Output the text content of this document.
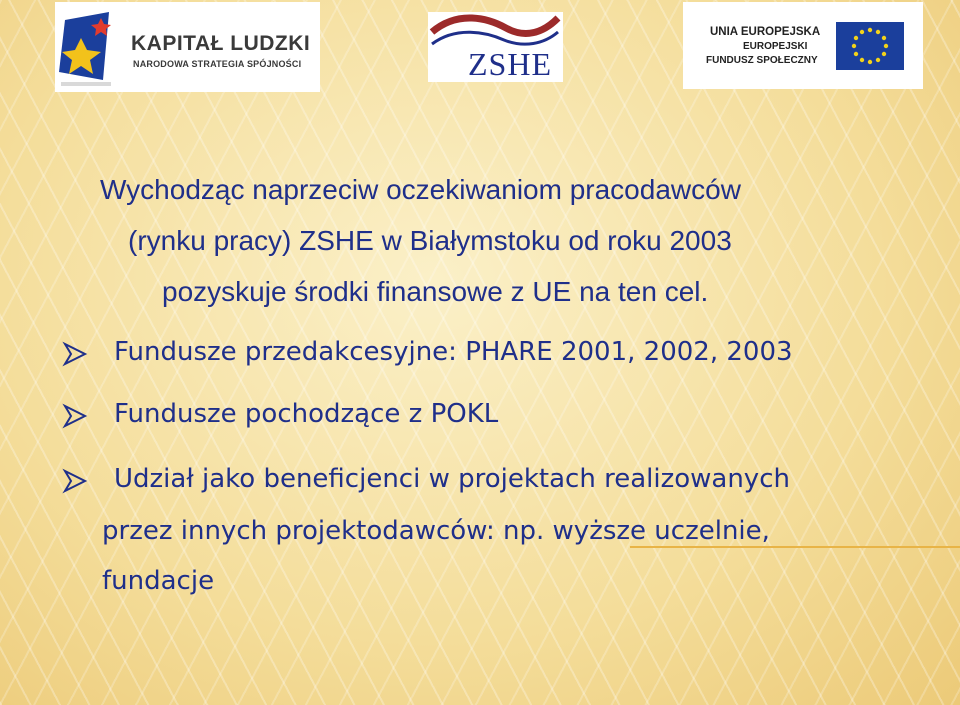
KAPITAŁ LUDZKI
NARODOWA STRATEGIA SPÓJNOŚCI	ZSHE
UNIA EUROPEJSKA
EUROPEJSKI
FUNDUSZ SPOŁECZNY
Wychodząc naprzeciw oczekiwaniom pracodawców
(rynku pracy) ZSHE w Białymstoku od roku 2003
pozyskuje środki finansowe z UE na ten cel.
Fundusze przedakcesyjne: PHARE 2001, 2002, 2003
Fundusze pochodzące z POKL
Udział jako beneficjenci w projektach realizowanych
przez innych projektodawców: np. wyższe uczelnie,
fundacje
